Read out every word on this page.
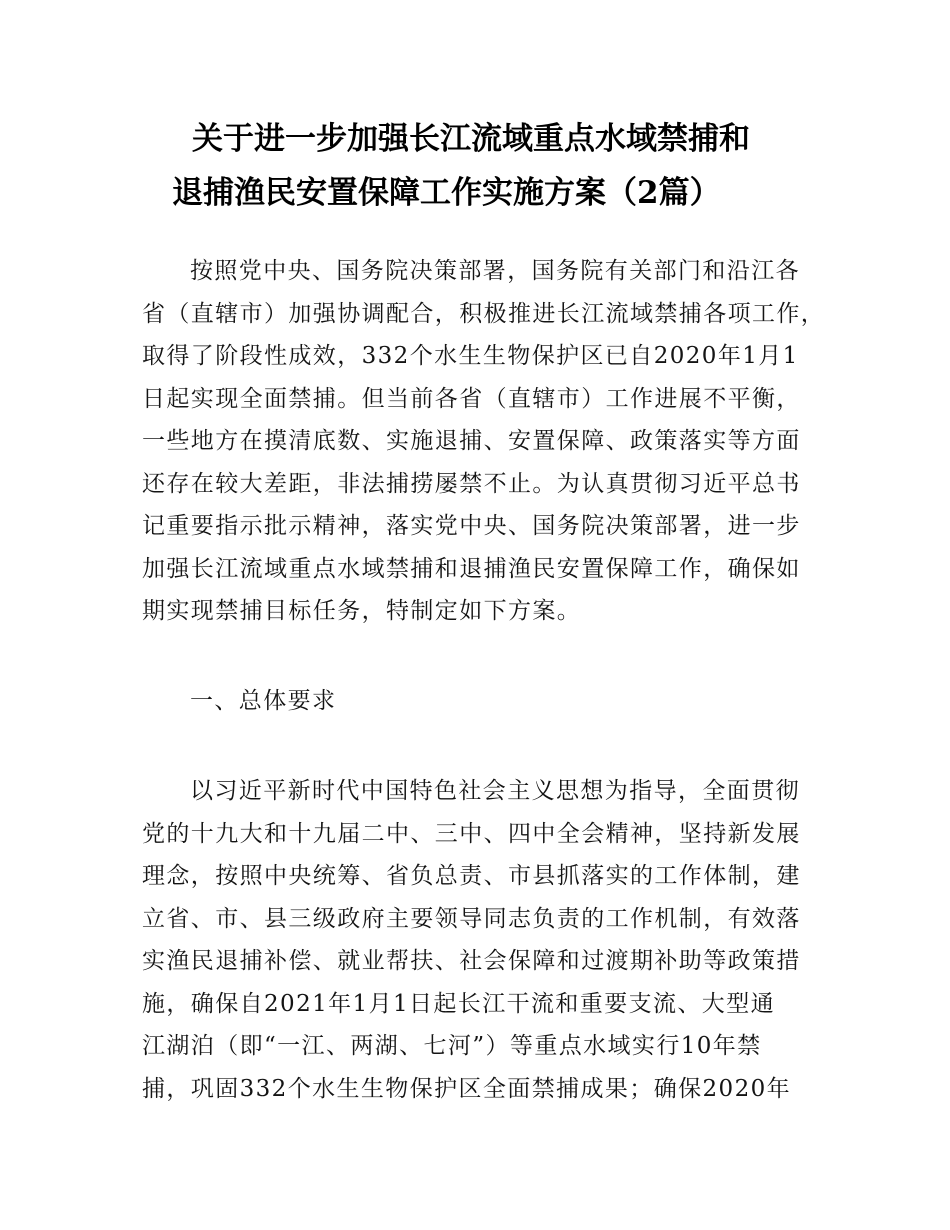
关于进一步加强长江流域重点水域禁捕和
退捕渔民安置保障工作实施方案（2篇）

按照党中央、国务院决策部署，国务院有关部门和沿江各
省（直辖市）加强协调配合，积极推进长江流域禁捕各项工作，
取得了阶段性成效，332个水生生物保护区已自2020年1月1
日起实现全面禁捕。但当前各省（直辖市）工作进展不平衡，
一些地方在摸清底数、实施退捕、安置保障、政策落实等方面
还存在较大差距，非法捕捞屡禁不止。为认真贯彻习近平总书
记重要指示批示精神，落实党中央、国务院决策部署，进一步
加强长江流域重点水域禁捕和退捕渔民安置保障工作，确保如
期实现禁捕目标任务，特制定如下方案。

一、总体要求

以习近平新时代中国特色社会主义思想为指导，全面贯彻
党的十九大和十九届二中、三中、四中全会精神，坚持新发展
理念，按照中央统筹、省负总责、市县抓落实的工作体制，建
立省、市、县三级政府主要领导同志负责的工作机制，有效落
实渔民退捕补偿、就业帮扶、社会保障和过渡期补助等政策措
施，确保自2021年1月1日起长江干流和重要支流、大型通
江湖泊（即“一江、两湖、七河”）等重点水域实行10年禁
捕，巩固332个水生生物保护区全面禁捕成果；确保2020年
